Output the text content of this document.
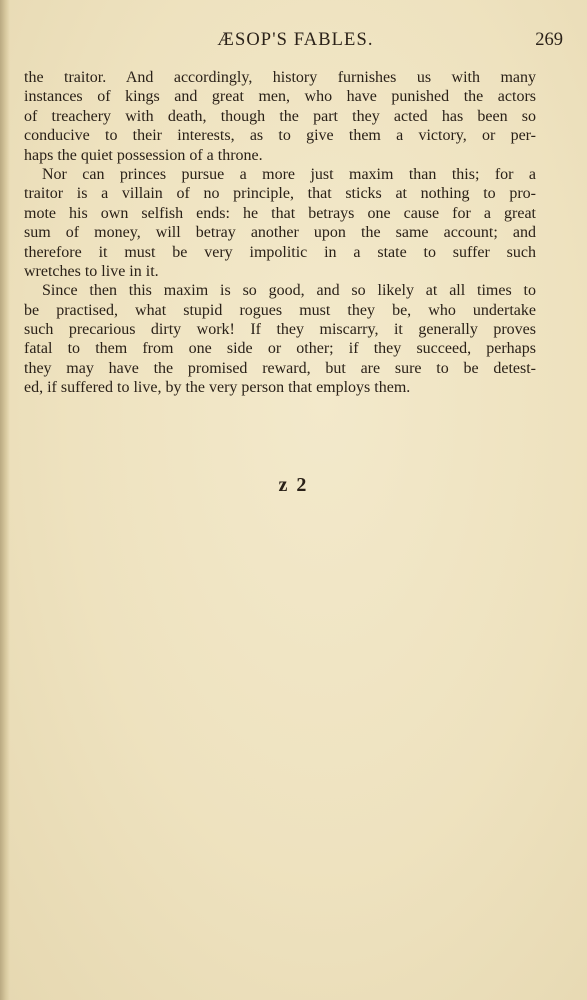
ÆSOP'S FABLES.	269
the traitor. And accordingly, history furnishes us with many
instances of kings and great men, who have punished the actors
of treachery with death, though the part they acted has been so
conducive to their interests, as to give them a victory, or per-
haps the quiet possession of a throne.
Nor can princes pursue a more just maxim than this; for a
traitor is a villain of no principle, that sticks at nothing to pro-
mote his own selfish ends: he that betrays one cause for a great
sum of money, will betray another upon the same account; and
therefore it must be very impolitic in a state to suffer such
wretches to live in it.
Since then this maxim is so good, and so likely at all times to
be practised, what stupid rogues must they be, who undertake
such precarious dirty work! If they miscarry, it generally proves
fatal to them from one side or other; if they succeed, perhaps
they may have the promised reward, but are sure to be detest-
ed, if suffered to live, by the very person that employs them.
z 2
